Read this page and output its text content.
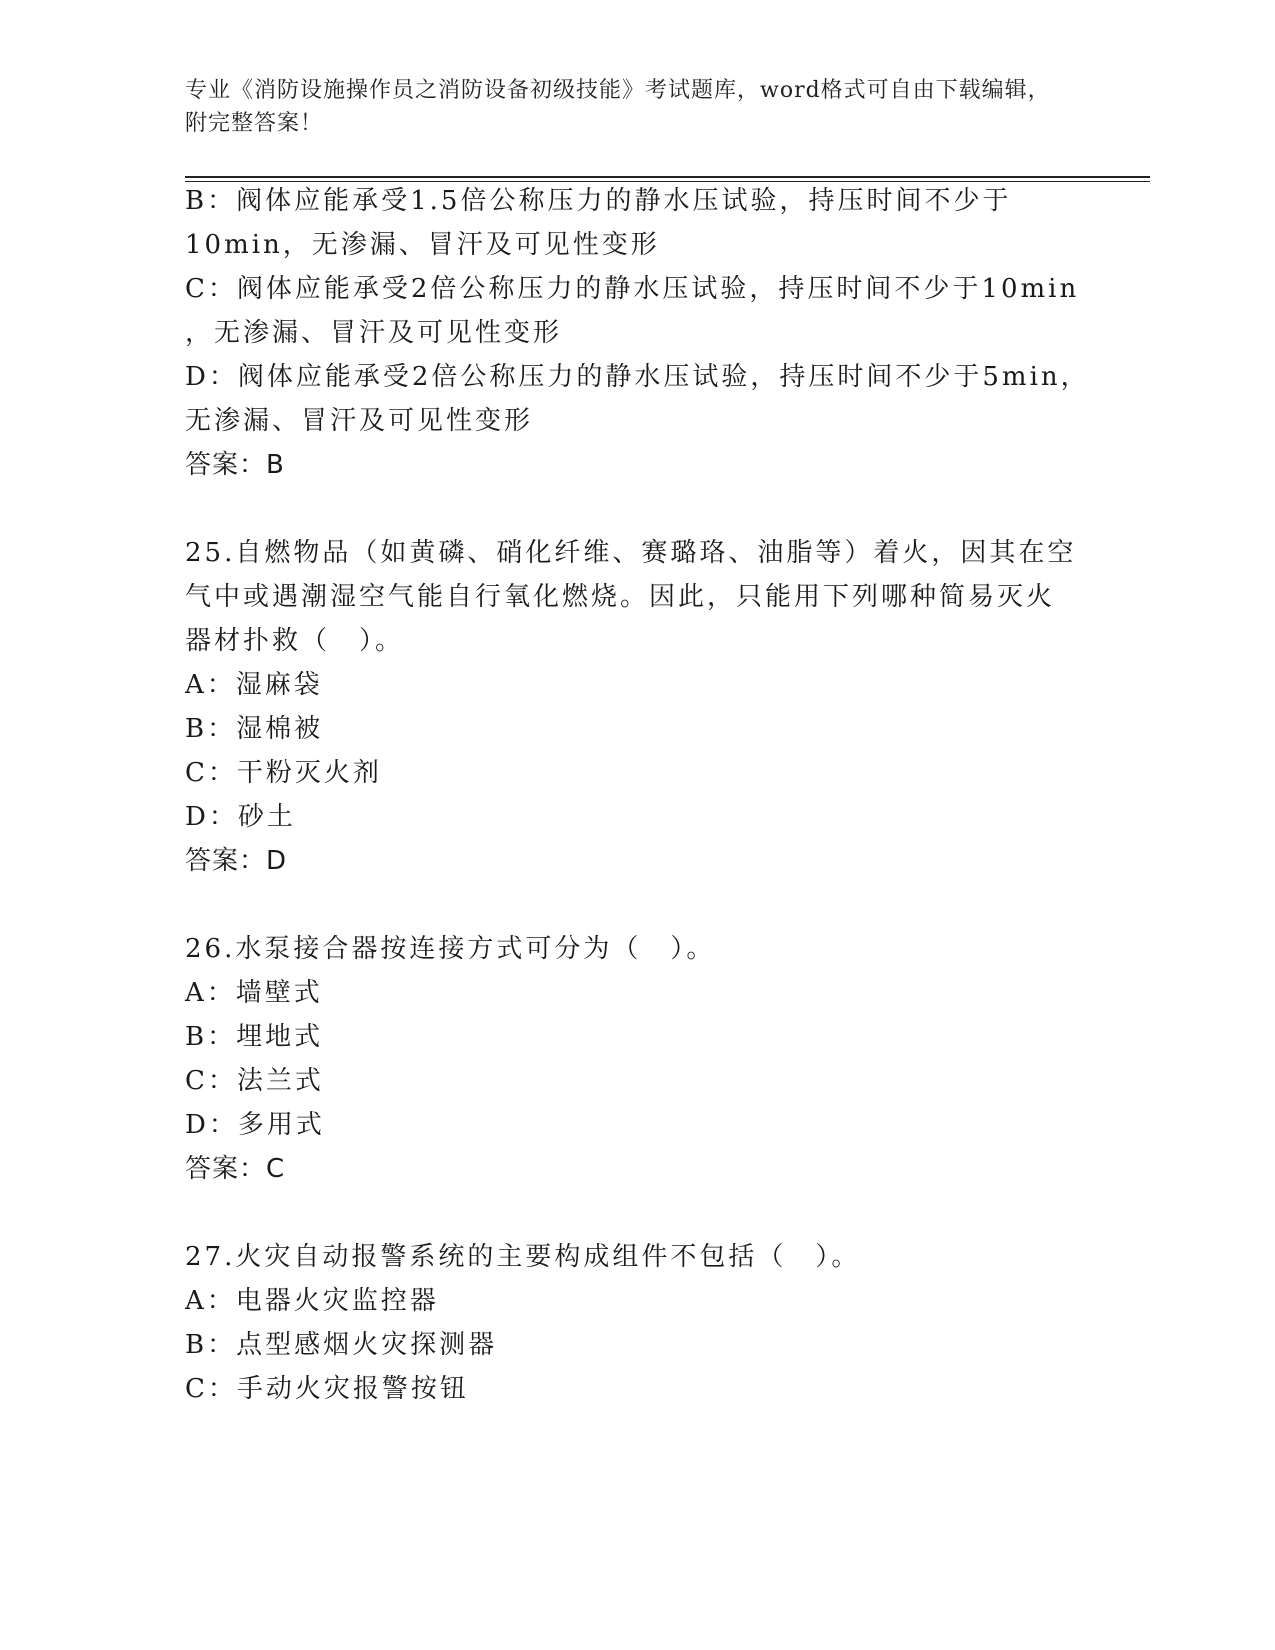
专业《消防设施操作员之消防设备初级技能》考试题库，word格式可自由下载编辑，附完整答案！
B：阀体应能承受1.5倍公称压力的静水压试验，持压时间不少于
10min，无渗漏、冒汗及可见性变形
C：阀体应能承受2倍公称压力的静水压试验，持压时间不少于10min
，无渗漏、冒汗及可见性变形
D：阀体应能承受2倍公称压力的静水压试验，持压时间不少于5min，
无渗漏、冒汗及可见性变形
答案：B
25.自燃物品（如黄磷、硝化纤维、赛璐珞、油脂等）着火，因其在空
气中或遇潮湿空气能自行氧化燃烧。因此，只能用下列哪种简易灭火
器材扑救（　）。
A：湿麻袋
B：湿棉被
C：干粉灭火剂
D：砂土
答案：D
26.水泵接合器按连接方式可分为（　）。
A：墙壁式
B：埋地式
C：法兰式
D：多用式
答案：C
27.火灾自动报警系统的主要构成组件不包括（　）。
A：电器火灾监控器
B：点型感烟火灾探测器
C：手动火灾报警按钮
